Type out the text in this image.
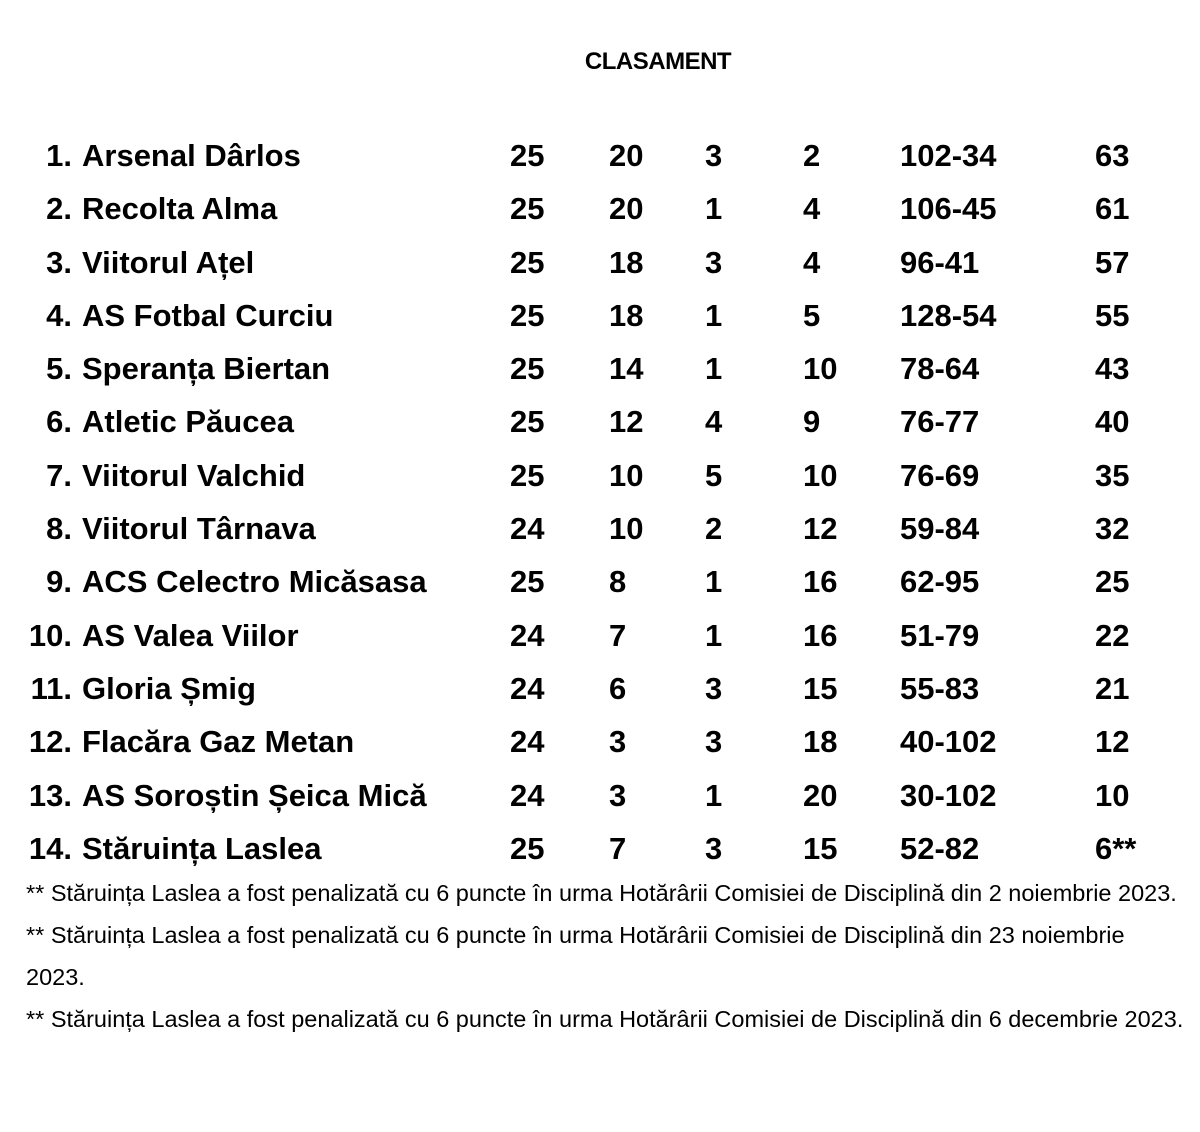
CLASAMENT
1. Arsenal Dârlos	25 20 3	2	102-34	63
2. Recolta Alma	25 20 1	4	106-45	61
3. Viitorul Ațel	25 18 3	4	96-41	57
4. AS Fotbal Curciu	25 18 1	5	128-54	55
5. Speranța Biertan	25 14 1	10 78-64	43
6. Atletic Păucea	25 12 4	9	76-77	40
7. Viitorul Valchid	25 10 5	10 76-69	35
8. Viitorul Târnava	24 10 2	12 59-84	32
9. ACS Celectro Micăsasa	25 8	1	16 62-95	25
10. AS Valea Viilor	24 7	1	16 51-79	22
11. Gloria Șmig	24 6	3	15 55-83	21
12. Flacăra Gaz Metan	24 3	3	18 40-102	12
13. AS Soroștin Șeica Mică	24 3	1	20 30-102	10
14. Stăruința Laslea	25 7	3	15 52-82	6**

** Stăruința Laslea a fost penalizată cu 6 puncte în urma Hotărârii Comisiei de Disciplină din 2 noiembrie 2023.

** Stăruința Laslea a fost penalizată cu 6 puncte în urma Hotărârii Comisiei de Disciplină din 23 noiembrie 2023.

** Stăruința Laslea a fost penalizată cu 6 puncte în urma Hotărârii Comisiei de Disciplină din 6 decembrie 2023.
